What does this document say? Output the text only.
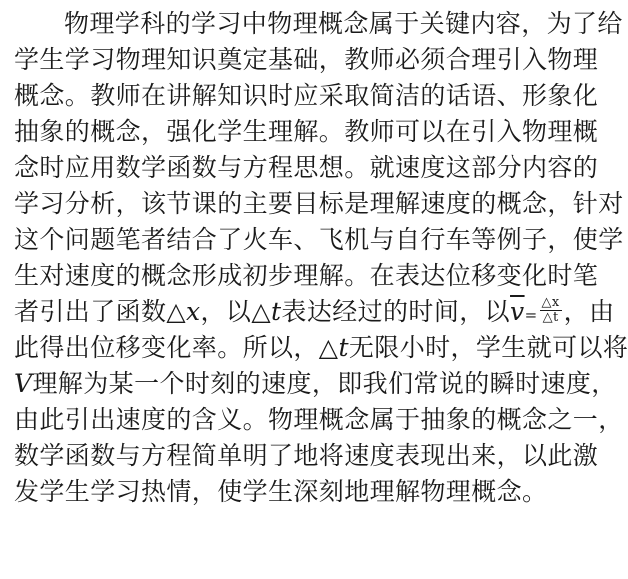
物理学科的学习中物理概念属于关键内容，为了给
学生学习物理知识奠定基础，教师必须合理引入物理
概念。教师在讲解知识时应采取简洁的话语、形象化
抽象的概念，强化学生理解。教师可以在引入物理概
念时应用数学函数与方程思想。就速度这部分内容的
学习分析，该节课的主要目标是理解速度的概念，针对
这个问题笔者结合了火车、飞机与自行车等例子，使学
生对速度的概念形成初步理解。在表达位移变化时笔
者引出了函数△x，以△t表达经过的时间，以$\overline{v}= \frac{\triangle x}{\triangle t}$ ，由
此得出位移变化率。所以，△t无限小时，学生就可以将
V理解为某一个时刻的速度，即我们常说的瞬时速度，
由此引出速度的含义。物理概念属于抽象的概念之一，
数学函数与方程简单明了地将速度表现出来，以此激
发学生学习热情，使学生深刻地理解物理概念。
